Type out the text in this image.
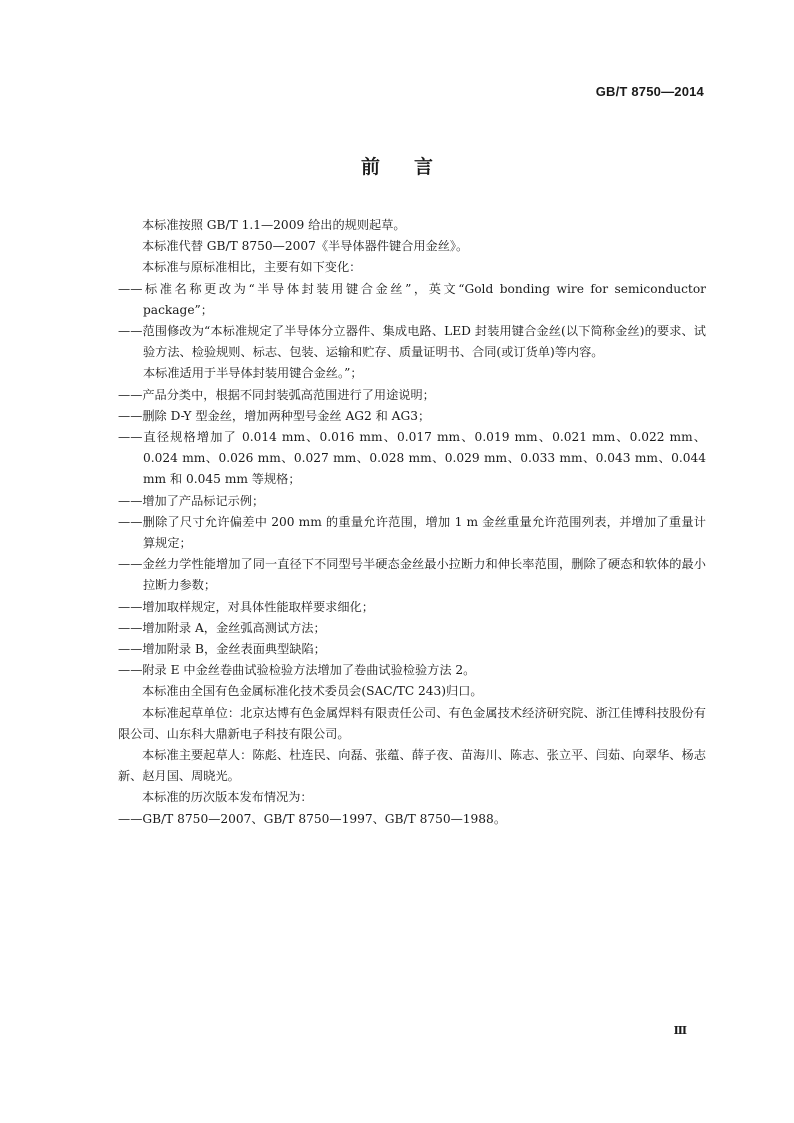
GB/T 8750—2014
前言

本标准按照 GB/T 1.1—2009 给出的规则起草。

本标准代替 GB/T 8750—2007《半导体器件键合用金丝》。

本标准与原标准相比，主要有如下变化：

——标准名称更改为“半导体封装用键合金丝”，英文“Gold bonding wire for semiconductor package”；

——范围修改为“本标准规定了半导体分立器件、集成电路、LED 封装用键合金丝(以下简称金丝)的要求、试验方法、检验规则、标志、包装、运输和贮存、质量证明书、合同(或订货单)等内容。

本标准适用于半导体封装用键合金丝。”；

——产品分类中，根据不同封装弧高范围进行了用途说明；

——删除 D-Y 型金丝，增加两种型号金丝 AG2 和 AG3；

——直径规格增加了 0.014 mm、0.016 mm、0.017 mm、0.019 mm、0.021 mm、0.022 mm、0.024 mm、0.026 mm、0.027 mm、0.028 mm、0.029 mm、0.033 mm、0.043 mm、0.044 mm 和 0.045 mm 等规格；

——增加了产品标记示例；

——删除了尺寸允许偏差中 200 mm 的重量允许范围，增加 1 m 金丝重量允许范围列表，并增加了重量计算规定；

——金丝力学性能增加了同一直径下不同型号半硬态金丝最小拉断力和伸长率范围，删除了硬态和软体的最小拉断力参数；

——增加取样规定，对具体性能取样要求细化；

——增加附录 A，金丝弧高测试方法；

——增加附录 B，金丝表面典型缺陷；

——附录 E 中金丝卷曲试验检验方法增加了卷曲试验检验方法 2。

本标准由全国有色金属标准化技术委员会(SAC/TC 243)归口。

本标准起草单位：北京达博有色金属焊料有限责任公司、有色金属技术经济研究院、浙江佳博科技股份有限公司、山东科大鼎新电子科技有限公司。

本标准主要起草人：陈彪、杜连民、向磊、张蕴、薛子夜、苗海川、陈志、张立平、闫茹、向翠华、杨志新、赵月国、周晓光。

本标准的历次版本发布情况为：

——GB/T 8750—2007、GB/T 8750—1997、GB/T 8750—1988。

Ⅲ
